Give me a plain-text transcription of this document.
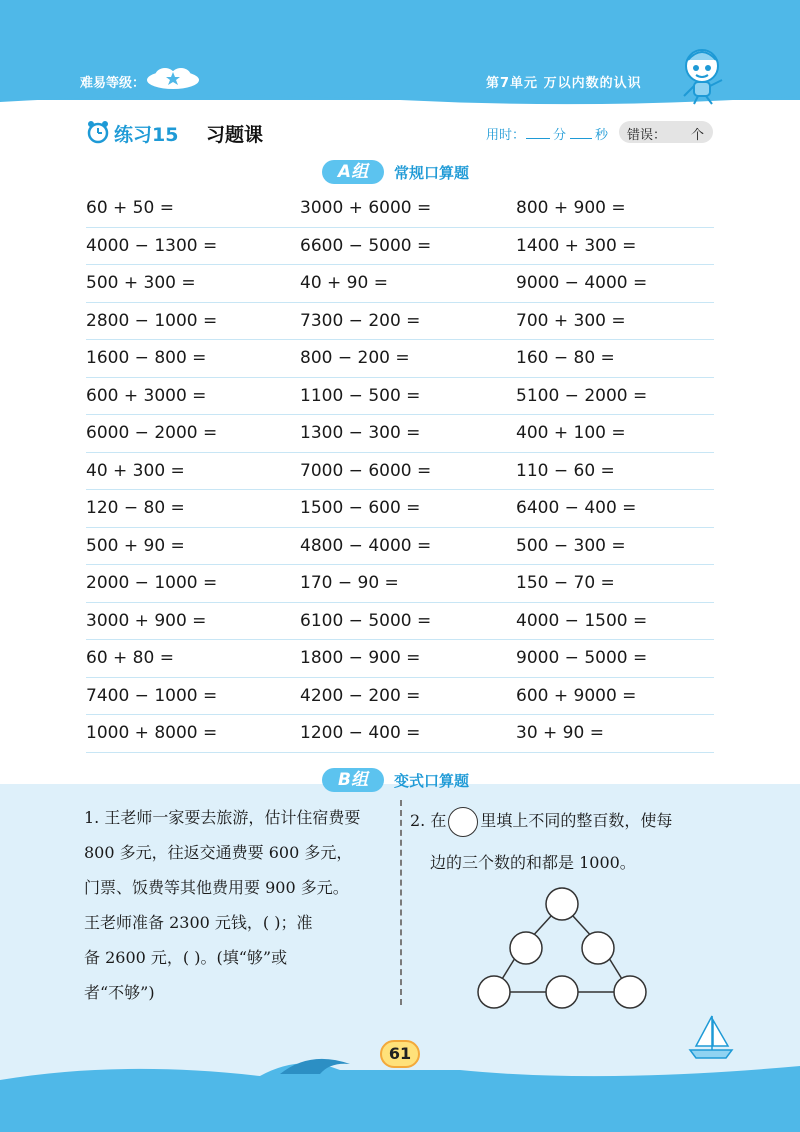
难易等级：	第7单元 万以内数的认识
练习15 习题课	用时： 分 秒 错误： 个
A组	常规口算题
60 + 50 =	3000 + 6000 =	800 + 900 =
4000 − 1300 =	6600 − 5000 =	1400 + 300 =
500 + 300 =	40 + 90 =	9000 − 4000 =
2800 − 1000 =	7300 − 200 =	700 + 300 =
1600 − 800 =	800 − 200 =	160 − 80 =
600 + 3000 =	1100 − 500 =	5100 − 2000 =
6000 − 2000 =	1300 − 300 =	400 + 100 =
40 + 300 =	7000 − 6000 =	110 − 60 =
120 − 80 =	1500 − 600 =	6400 − 400 =
500 + 90 =	4800 − 4000 =	500 − 300 =
2000 − 1000 =	170 − 90 =	150 − 70 =
3000 + 900 =	6100 − 5000 =	4000 − 1500 =
60 + 80 =	1800 − 900 =	9000 − 5000 =
7400 − 1000 =	4200 − 200 =	600 + 9000 =
1000 + 8000 =	1200 − 400 =	30 + 90 =
B组	变式口算题
1. 王老师一家要去旅游，估计住宿费要
800 多元，往返交通费要 600 多元，
门票、饭费等其他费用要 900 多元。
王老师准备 2300 元钱，( )；准
备 2600 元，( )。(填“够”或
者“不够”)
2. 在 里填上不同的整百数，使每
边的三个数的和都是 1000。
61
